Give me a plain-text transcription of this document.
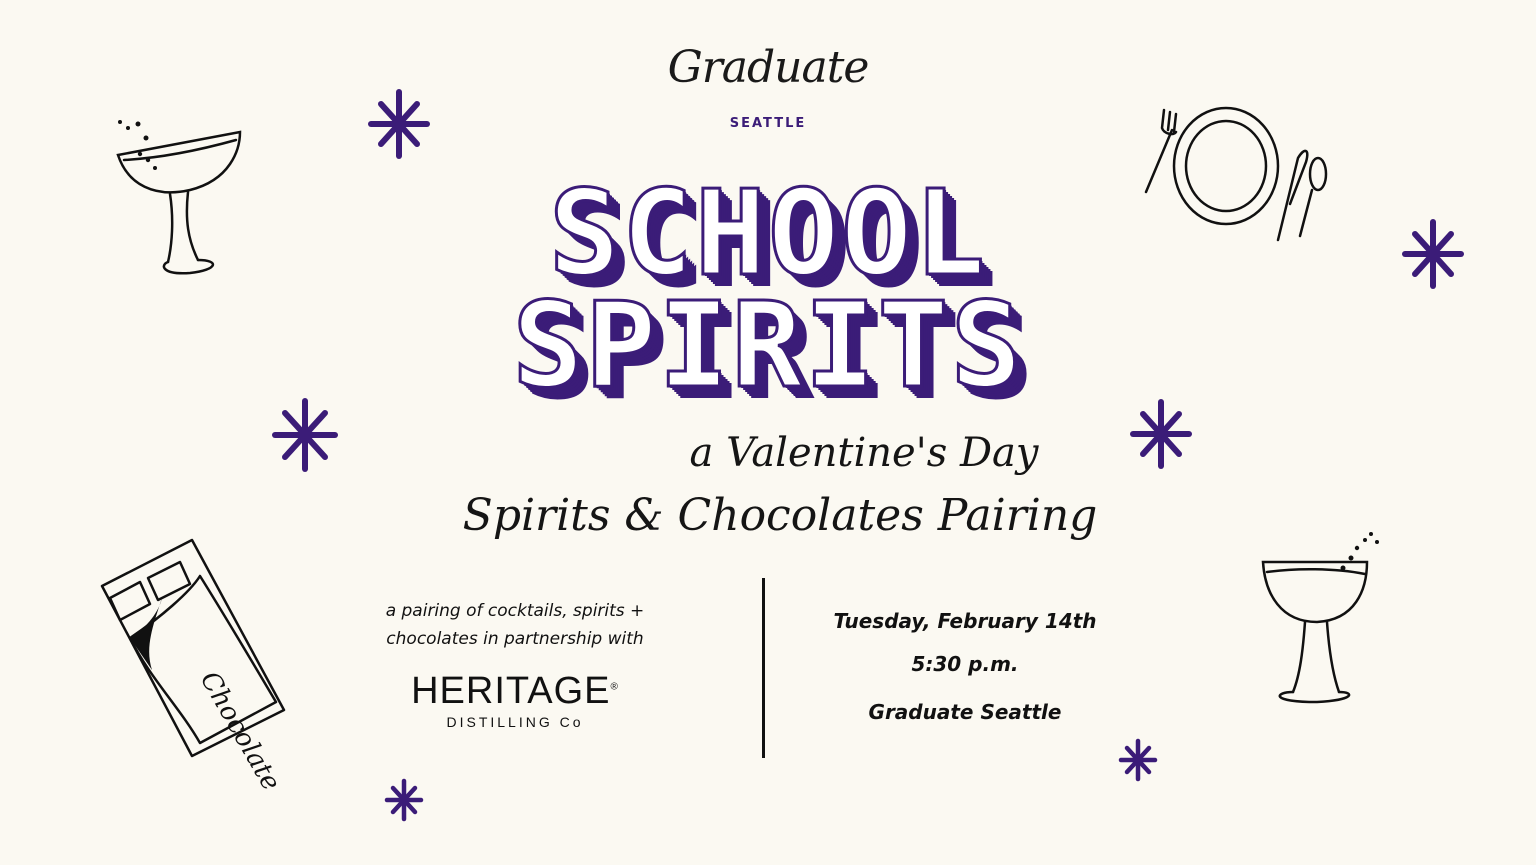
Graduate
SEATTLE
SCHOOL
SPIRITS
a Valentine's Day
Spirits & Chocolates Pairing
a pairing of cocktails, spirits +
chocolates in partnership with
HERITAGE®
DISTILLING Co
Tuesday, February 14th
5:30 p.m.
Graduate Seattle
Chocolate
